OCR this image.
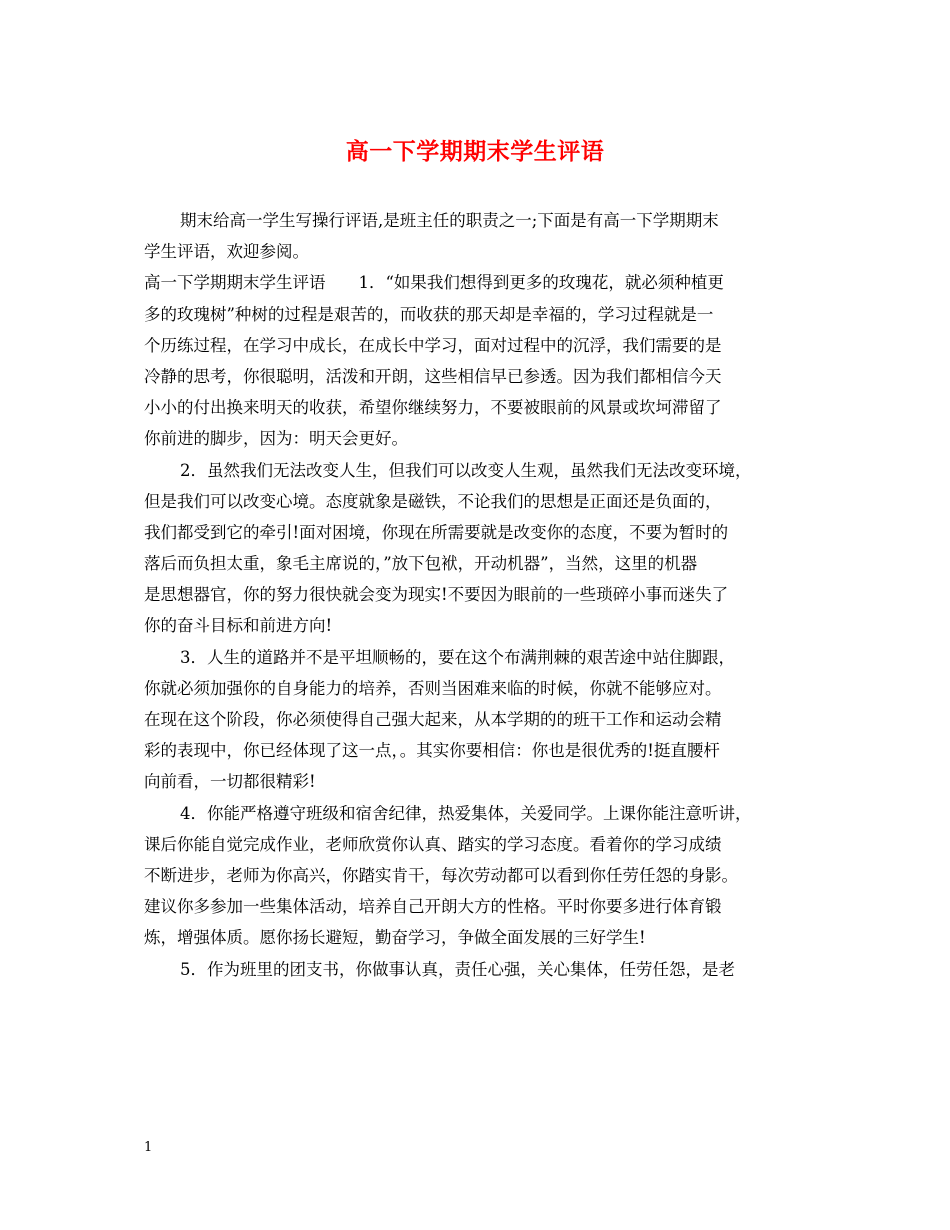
高一下学期期末学生评语
期末给高一学生写操行评语,是班主任的职责之一;下面是有高一下学期期末
学生评语，欢迎参阅。
高一下学期期末学生评语　　1．“如果我们想得到更多的玫瑰花，就必须种植更
多的玫瑰树”种树的过程是艰苦的，而收获的那天却是幸福的，学习过程就是一
个历练过程，在学习中成长，在成长中学习，面对过程中的沉浮，我们需要的是
冷静的思考，你很聪明，活泼和开朗，这些相信早已参透。因为我们都相信今天
小小的付出换来明天的收获，希望你继续努力，不要被眼前的风景或坎坷滞留了
你前进的脚步，因为：明天会更好。
2．虽然我们无法改变人生，但我们可以改变人生观，虽然我们无法改变环境，
但是我们可以改变心境。态度就象是磁铁，不论我们的思想是正面还是负面的，
我们都受到它的牵引!面对困境，你现在所需要就是改变你的态度，不要为暂时的
落后而负担太重，象毛主席说的，”放下包袱，开动机器”，当然，这里的机器
是思想器官，你的努力很快就会变为现实!不要因为眼前的一些琐碎小事而迷失了
你的奋斗目标和前进方向!
3．人生的道路并不是平坦顺畅的，要在这个布满荆棘的艰苦途中站住脚跟，
你就必须加强你的自身能力的培养，否则当困难来临的时候，你就不能够应对。
在现在这个阶段，你必须使得自己强大起来，从本学期的的班干工作和运动会精
彩的表现中，你已经体现了这一点，。其实你要相信：你也是很优秀的!挺直腰杆
向前看，一切都很精彩!
4．你能严格遵守班级和宿舍纪律，热爱集体，关爱同学。上课你能注意听讲，
课后你能自觉完成作业，老师欣赏你认真、踏实的学习态度。看着你的学习成绩
不断进步，老师为你高兴，你踏实肯干，每次劳动都可以看到你任劳任怨的身影。
建议你多参加一些集体活动，培养自己开朗大方的性格。平时你要多进行体育锻
炼，增强体质。愿你扬长避短，勤奋学习，争做全面发展的三好学生!
5．作为班里的团支书，你做事认真，责任心强，关心集体，任劳任怨，是老
1
